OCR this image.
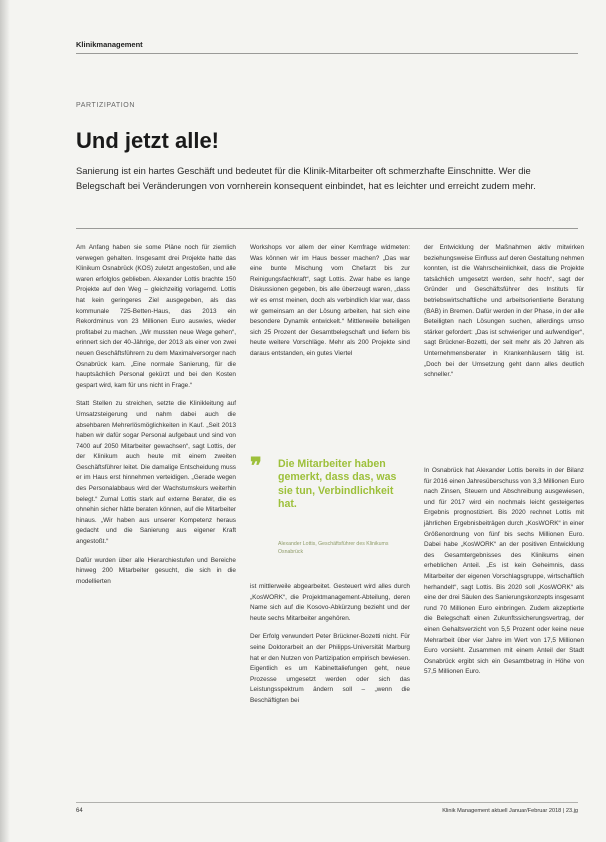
Klinikmanagement
PARTIZIPATION
Und jetzt alle!
Sanierung ist ein hartes Geschäft und bedeutet für die Klinik-Mitarbeiter oft schmerzhafte Einschnitte. Wer die Belegschaft bei Veränderungen von vornherein konsequent einbindet, hat es leichter und erreicht zudem mehr.

Am Anfang haben sie some Pläne noch für ziemlich verwegen gehalten. Insgesamt drei Projekte hatte das Klinikum Osnabrück (KOS) zuletzt angestoßen, und alle waren erfolglos geblieben. Alexander Lottis brachte 150 Projekte auf den Weg – gleichzeitig vorlagernd. Lottis hat kein geringeres Ziel ausgegeben, als das kommunale 725-Betten-Haus, das 2013 ein Rekordminus von 23 Millionen Euro auswies, wieder profitabel zu machen. „Wir mussten neue Wege gehen“, erinnert sich der 40-Jährige, der 2013 als einer von zwei neuen Geschäftsführern zu dem Maximalversorger nach Osnabrück kam. „Eine normale Sanierung, für die hauptsächlich Personal gekürzt und bei den Kosten gespart wird, kam für uns nicht in Frage.“

Statt Stellen zu streichen, setzte die Klinikleitung auf Umsatzsteigerung und nahm dabei auch die absehbaren Mehrerlösmöglichkeiten in Kauf. „Seit 2013 haben wir dafür sogar Personal aufgebaut und sind von 7400 auf 2050 Mitarbeiter gewachsen“, sagt Lottis, der der Klinikum auch heute mit einem zweiten Geschäftsführer leitet. Die damalige Entscheidung muss er im Haus erst hinnehmen verteidigen. „Gerade wegen des Personalabbaus wird der Wachstumskurs weiterhin belegt.“ Zumal Lottis stark auf externe Berater, die es ohnehin sicher hätte beraten können, auf die Mitarbeiter hinaus. „Wir haben aus unserer Kompetenz heraus gedacht und die Sanierung aus eigener Kraft angestoßt.“

Dafür wurden über alle Hierarchiestufen und Bereiche hinweg 200 Mitarbeiter gesucht, die sich in die modellierten

Workshops vor allem der einer Kernfrage widmeten: Was können wir im Haus besser machen? „Das war eine bunte Mischung vom Chefarzt bis zur Reinigungsfachkraft“, sagt Lottis. Zwar habe es lange Diskussionen gegeben, bis alle überzeugt waren, „dass wir es ernst meinen, doch als verbindlich klar war, dass wir gemeinsam an der Lösung arbeiten, hat sich eine besondere Dynamik entwickelt.“ Mittlerweile beteiligen sich 25 Prozent der Gesamtbelegschaft und liefern bis heute weitere Vorschläge. Mehr als 200 Projekte sind daraus entstanden, ein gutes Viertel

❞ Die Mitarbeiter haben gemerkt, dass das, was sie tun, Verbindlichkeit hat.
Alexander Lottis, Geschäftsführer des Klinikums Osnabrück

ist mittlerweile abgearbeitet. Gesteuert wird alles durch „KosWORK“, die Projektmanagement-Abteilung, deren Name sich auf die Kosovo-Abkürzung bezieht und der heute sechs Mitarbeiter angehören.

Der Erfolg verwundert Peter Brückner-Bozetti nicht. Für seine Doktorarbeit an der Philipps-Universität Marburg hat er den Nutzen von Partizipation empirisch bewiesen. Eigentlich es um Kabinettaliefungen geht, neue Prozesse umgesetzt werden oder sich das Leistungsspektrum ändern soll – „wenn die Beschäftigten bei

der Entwicklung der Maßnahmen aktiv mitwirken beziehungsweise Einfluss auf deren Gestaltung nehmen konnten, ist die Wahrscheinlichkeit, dass die Projekte tatsächlich umgesetzt werden, sehr hoch“, sagt der Gründer und Geschäftsführer des Instituts für betriebswirtschaftliche und arbeitsorientierte Beratung (BAB) in Bremen. Dafür werden in der Phase, in der alle Beteiligten nach Lösungen suchen, allerdings umso stärker gefordert: „Das ist schwieriger und aufwendiger“, sagt Brückner-Bozetti, der seit mehr als 20 Jahren als Unternehmensberater in Krankenhäusern tätig ist. „Doch bei der Umsetzung geht dann alles deutlich schneller.“

In Osnabrück hat Alexander Lottis bereits in der Bilanz für 2016 einen Jahresüberschuss von 3,3 Millionen Euro nach Zinsen, Steuern und Abschreibung ausgewiesen, und für 2017 wird ein nochmals leicht gesteigertes Ergebnis prognostiziert. Bis 2020 rechnet Lottis mit jährlichen Ergebnisbeiträgen durch „KosWORK“ in einer Größenordnung von fünf bis sechs Millionen Euro. Dabei habe „KosWORK“ an der positiven Entwicklung des Gesamtergebnisses des Klinikums einen erheblichen Anteil. „Es ist kein Geheimnis, dass Mitarbeiter der eigenen Vorschlagsgruppe, wirtschaftlich herhandelt“, sagt Lottis. Bis 2020 soll „KosWORK“ als eine der drei Säulen des Sanierungskonzepts insgesamt rund 70 Millionen Euro einbringen. Zudem akzeptierte die Belegschaft einen Zukunftssicherungsvertrag, der einen Gehaltsverzicht von 5,5 Prozent oder keine neue Mehrarbeit über vier Jahre im Wert von 17,5 Millionen Euro vorsieht. Zusammen mit einem Anteil der Stadt Osnabrück ergibt sich ein Gesamtbetrag in Höhe von 57,5 Millionen Euro.

64	Klinik Management aktuell Januar/Februar 2018 | 23.jg
